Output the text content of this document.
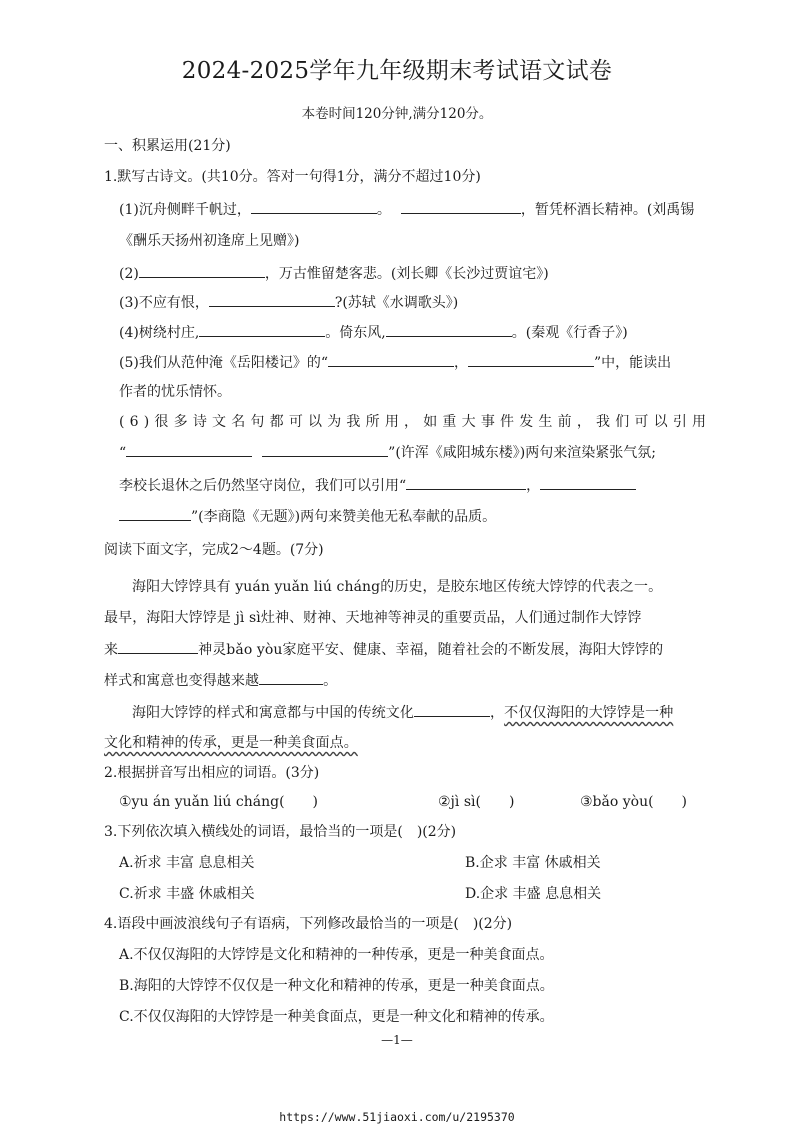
2024-2025学年九年级期末考试语文试卷
本卷时间120分钟,满分120分。
一、积累运用(21分)
1.默写古诗文。(共10分。答对一句得1分，满分不超过10分)
(1)沉舟侧畔千帆过，	。	，暂凭杯酒长精神。(刘禹锡
《酬乐天扬州初逢席上见赠》)
(2)	，万古惟留楚客悲。(刘长卿《长沙过贾谊宅》)
(3)不应有恨，	?(苏轼《水调歌头》)
(4)树绕村庄,	。倚东风,	。(秦观《行香子》)
(5)我们从范仲淹《岳阳楼记》的“	，	”中，能读出
作者的忧乐情怀。
(6)很多诗文名句都可以为我所用，如重大事件发生前，我们可以引用
“	”(许浑《咸阳城东楼》)两句来渲染紧张气氛;
李校长退休之后仍然坚守岗位，我们可以引用“	，
”(李商隐《无题》)两句来赞美他无私奉献的品质。
阅读下面文字，完成2～4题。(7分)
海阳大饽饽具有 yuán yuǎn liú cháng的历史，是胶东地区传统大饽饽的代表之一。
最早，海阳大饽饽是 jì sì灶神、财神、天地神等神灵的重要贡品，人们通过制作大饽饽
来	神灵bǎo yòu家庭平安、健康、幸福，随着社会的不断发展，海阳大饽饽的
样式和寓意也变得越来越	。
海阳大饽饽的样式和寓意都与中国的传统文化	，不仅仅海阳的大饽饽是一种
文化和精神的传承，更是一种美食面点。
2.根据拼音写出相应的词语。(3分)
①yu án yuǎn liú cháng(　　)	②jì sì(　　)	③bǎo yòu(　　)
3.下列依次填入横线处的词语，最恰当的一项是(　)(2分)
A.祈求 丰富 息息相关	B.企求 丰富 休戚相关
C.祈求 丰盛 休戚相关	D.企求 丰盛 息息相关
4.语段中画波浪线句子有语病，下列修改最恰当的一项是(　)(2分)
A.不仅仅海阳的大饽饽是文化和精神的一种传承，更是一种美食面点。
B.海阳的大饽饽不仅仅是一种文化和精神的传承，更是一种美食面点。
C.不仅仅海阳的大饽饽是一种美食面点，更是一种文化和精神的传承。
—1—
https://www.51jiaoxi.com/u/2195370
